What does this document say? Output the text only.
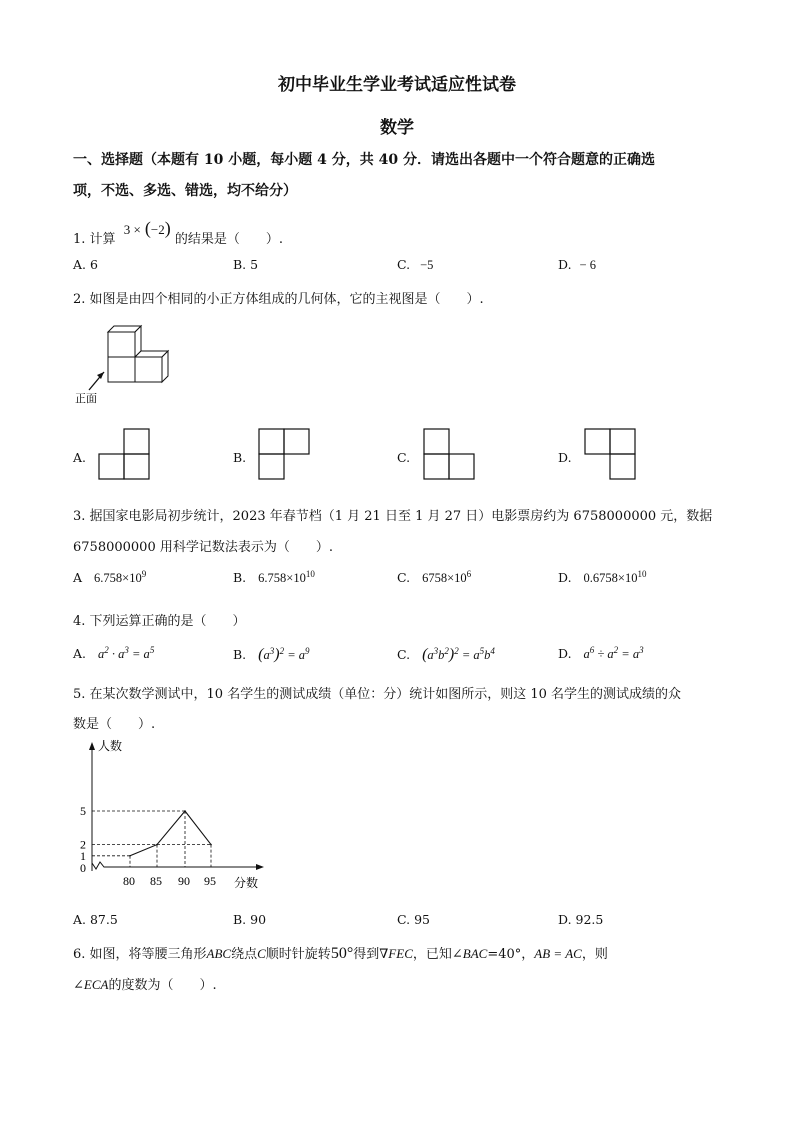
初中毕业生学业考试适应性试卷
数学
一、选择题（本题有 10 小题，每小题 4 分，共 40 分．请选出各题中一个符合题意的正确选
项，不选、多选、错选，均不给分）
1. 计算 3 × (−2) 的结果是（　　）.
A. 6	B. 5	C. −5	D. − 6
2. 如图是由四个相同的小正方体组成的几何体，它的主视图是（　　）.
正面
A.	B.	C.	D.
3. 据国家电影局初步统计，2023 年春节档（1 月 21 日至 1 月 27 日）电影票房约为 6758000000 元，数据
6758000000 用科学记数法表示为（　　）.
A $6.758\times 10^9$	B. $6.758\times 10^{10}$	C. $6758\times 10^6$	D. $0.6758\times 10^{10}$
4. 下列运算正确的是（　　）
A. $a^2 \cdot a^3 = a^5$	B. $(a^3)^2 = a^9$	C. $(a^3b^2)^2 = a^5b^4$	D. $a^6 \div a^2 = a^3$
5. 在某次数学测试中，10 名学生的测试成绩（单位：分）统计如图所示，则这 10 名学生的测试成绩的众
数是（　　）.
人数
分数
0
1
2
5
80 85 90 95
A. 87.5	B. 90	C. 95	D. 92.5
6. 如图，将等腰三角形ABC绕点C顺时针旋转50°得到∇FEC，已知∠BAC=40°，AB = AC，则
∠ECA的度数为（　　）.
